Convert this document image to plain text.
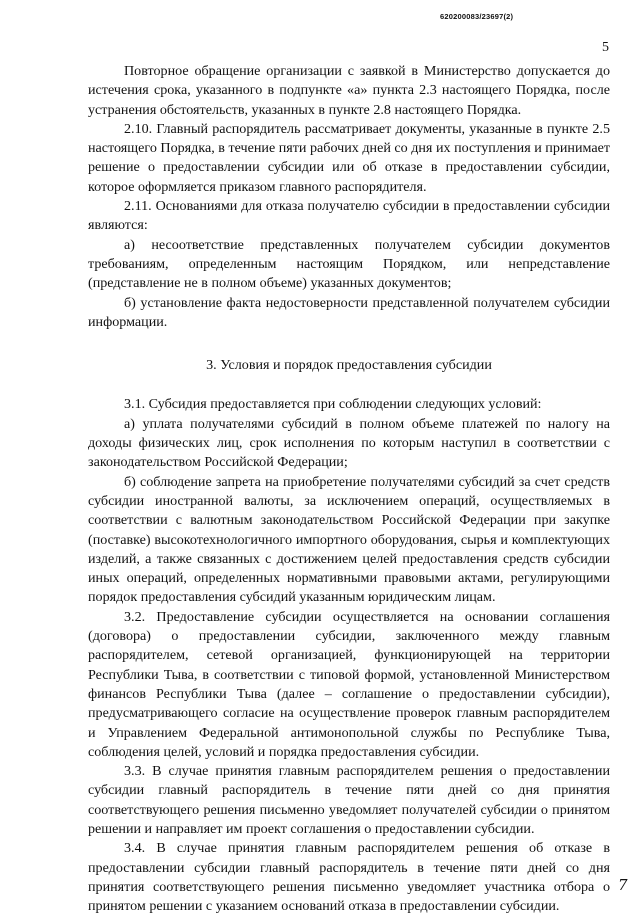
620200083/23697(2)
5

Повторное обращение организации с заявкой в Министерство допускается до истечения срока, указанного в подпункте «а» пункта 2.3 настоящего Порядка, после устранения обстоятельств, указанных в пункте 2.8 настоящего Порядка.

2.10. Главный распорядитель рассматривает документы, указанные в пункте 2.5 настоящего Порядка, в течение пяти рабочих дней со дня их поступления и принимает решение о предоставлении субсидии или об отказе в предоставлении субсидии, которое оформляется приказом главного распорядителя.

2.11. Основаниями для отказа получателю субсидии в предоставлении субсидии являются:

а) несоответствие представленных получателем субсидии документов требованиям, определенным настоящим Порядком, или непредставление (представление не в полном объеме) указанных документов;

б) установление факта недостоверности представленной получателем субсидии информации.

3. Условия и порядок предоставления субсидии

3.1. Субсидия предоставляется при соблюдении следующих условий:

а) уплата получателями субсидий в полном объеме платежей по налогу на доходы физических лиц, срок исполнения по которым наступил в соответствии с законодательством Российской Федерации;

б) соблюдение запрета на приобретение получателями субсидий за счет средств субсидии иностранной валюты, за исключением операций, осуществляемых в соответствии с валютным законодательством Российской Федерации при закупке (поставке) высокотехнологичного импортного оборудования, сырья и комплектующих изделий, а также связанных с достижением целей предоставления средств субсидии иных операций, определенных нормативными правовыми актами, регулирующими порядок предоставления субсидий указанным юридическим лицам.

3.2. Предоставление субсидии осуществляется на основании соглашения (договора) о предоставлении субсидии, заключенного между главным распорядителем, сетевой организацией, функционирующей на территории Республики Тыва, в соответствии с типовой формой, установленной Министерством финансов Республики Тыва (далее – соглашение о предоставлении субсидии), предусматривающего согласие на осуществление проверок главным распорядителем и Управлением Федеральной антимонопольной службы по Республике Тыва, соблюдения целей, условий и порядка предоставления субсидии.

3.3. В случае принятия главным распорядителем решения о предоставлении субсидии главный распорядитель в течение пяти дней со дня принятия соответствующего решения письменно уведомляет получателей субсидии о принятом решении и направляет им проект соглашения о предоставлении субсидии.

3.4. В случае принятия главным распорядителем решения об отказе в предоставлении субсидии главный распорядитель в течение пяти дней со дня принятия соответствующего решения письменно уведомляет участника отбора о принятом решении с указанием оснований отказа в предоставлении субсидии.

7
